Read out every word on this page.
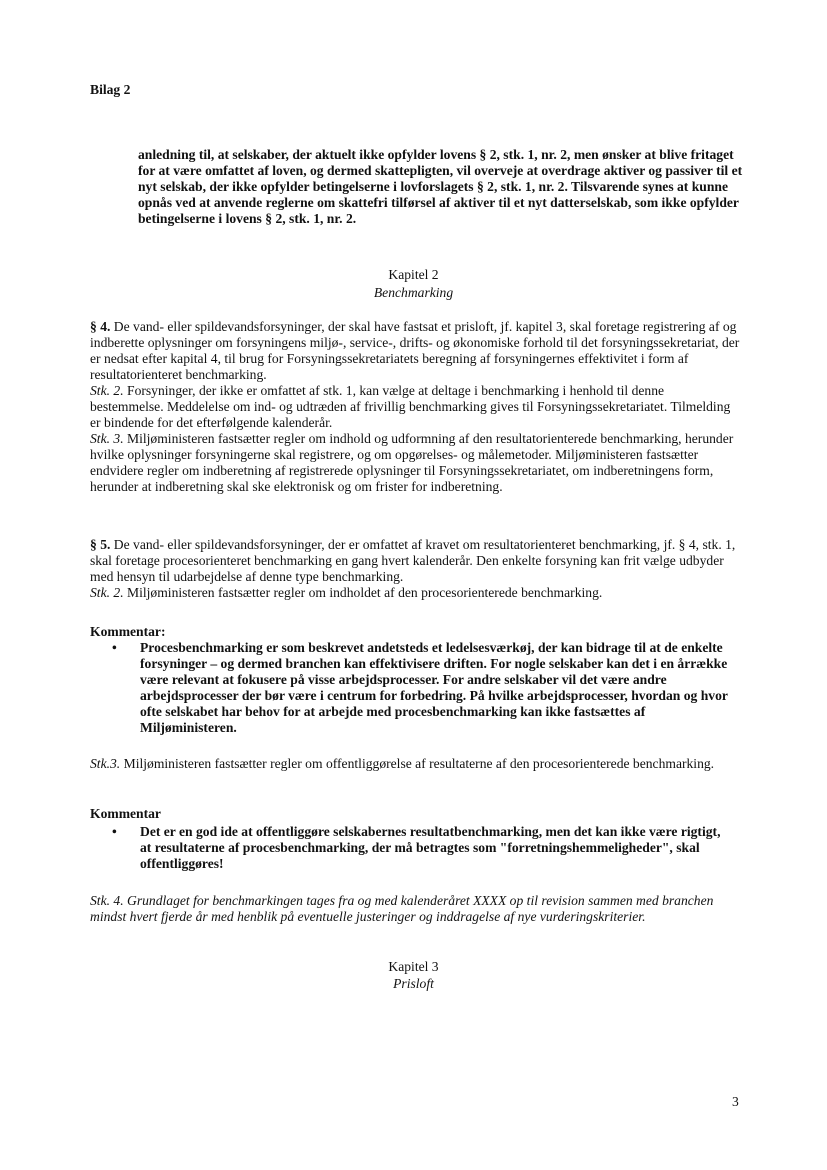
Bilag 2
anledning til, at selskaber, der aktuelt ikke opfylder lovens § 2, stk. 1, nr. 2, men ønsker at blive fritaget for at være omfattet af loven, og dermed skattepligten, vil overveje at overdrage aktiver og passiver til et nyt selskab, der ikke opfylder betingelserne i lovforslagets § 2, stk. 1, nr. 2. Tilsvarende synes at kunne opnås ved at anvende reglerne om skattefri tilførsel af aktiver til et nyt datterselskab, som ikke opfylder betingelserne i lovens § 2, stk. 1, nr. 2.
Kapitel 2
Benchmarking
§ 4. De vand- eller spildevandsforsyninger, der skal have fastsat et prisloft, jf. kapitel 3, skal foretage registrering af og indberette oplysninger om forsyningens miljø-, service-, drifts- og økonomiske forhold til det forsyningssekretariat, der er nedsat efter kapital 4, til brug for Forsyningssekretariatets beregning af forsyningernes effektivitet i form af resultatorienteret benchmarking.
Stk. 2. Forsyninger, der ikke er omfattet af stk. 1, kan vælge at deltage i benchmarking i henhold til denne bestemmelse. Meddelelse om ind- og udtræden af frivillig benchmarking gives til Forsyningssekretariatet. Tilmelding er bindende for det efterfølgende kalenderår.
Stk. 3. Miljøministeren fastsætter regler om indhold og udformning af den resultatorienterede benchmarking, herunder hvilke oplysninger forsyningerne skal registrere, og om opgørelses- og målemetoder. Miljøministeren fastsætter endvidere regler om indberetning af registrerede oplysninger til Forsyningssekretariatet, om indberetningens form, herunder at indberetning skal ske elektronisk og om frister for indberetning.
§ 5. De vand- eller spildevandsforsyninger, der er omfattet af kravet om resultatorienteret benchmarking, jf. § 4, stk. 1, skal foretage procesorienteret benchmarking en gang hvert kalenderår. Den enkelte forsyning kan frit vælge udbyder med hensyn til udarbejdelse af denne type benchmarking.
Stk. 2. Miljøministeren fastsætter regler om indholdet af den procesorienterede benchmarking.
Kommentar:
•	Procesbenchmarking er som beskrevet andetsteds et ledelsesværkøj, der kan bidrage til at de enkelte forsyninger – og dermed branchen kan effektivisere driften. For nogle selskaber kan det i en årrække være relevant at fokusere på visse arbejdsprocesser. For andre selskaber vil det være andre arbejdsprocesser der bør være i centrum for forbedring. På hvilke arbejdsprocesser, hvordan og hvor ofte selskabet har behov for at arbejde med procesbenchmarking kan ikke fastsættes af Miljøministeren.
Stk.3. Miljøministeren fastsætter regler om offentliggørelse af resultaterne af den procesorienterede benchmarking.
Kommentar
•	Det er en god ide at offentliggøre selskabernes resultatbenchmarking, men det kan ikke være rigtigt, at resultaterne af procesbenchmarking, der må betragtes som "forretningshemmeligheder", skal offentliggøres!
Stk. 4. Grundlaget for benchmarkingen tages fra og med kalenderåret XXXX op til revision sammen med branchen mindst hvert fjerde år med henblik på eventuelle justeringer og inddragelse af nye vurderingskriterier.
Kapitel 3
Prisloft
3
